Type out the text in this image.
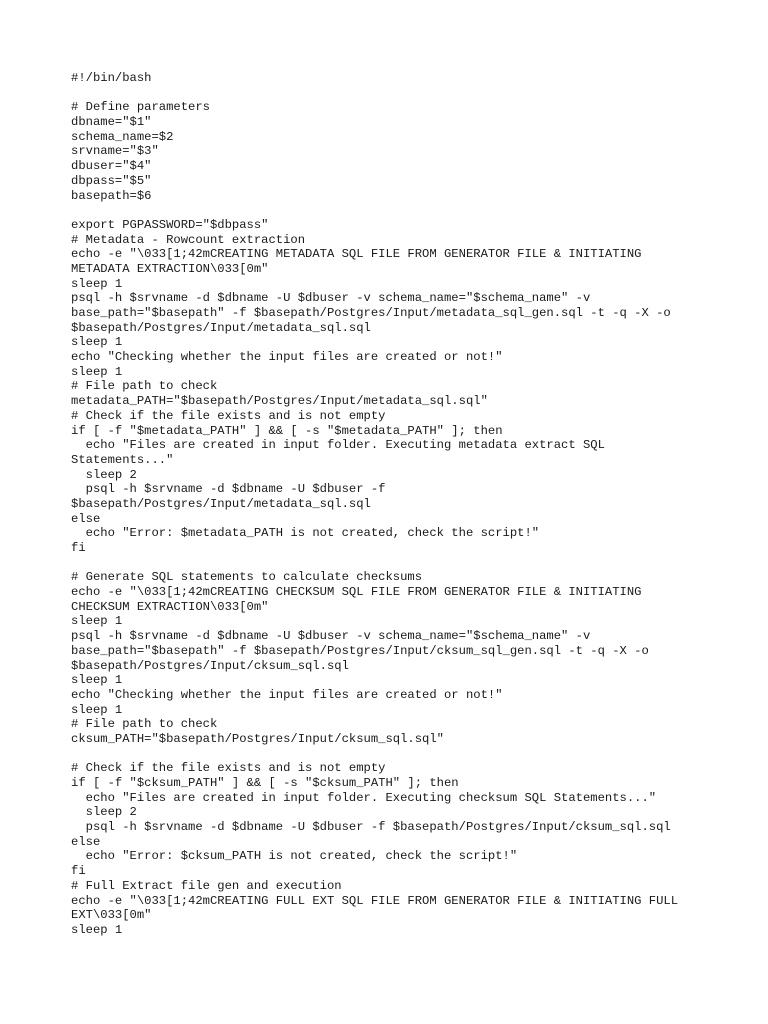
#!/bin/bash
# Define parameters
dbname="$1"
schema_name=$2
srvname="$3"
dbuser="$4"
dbpass="$5"
basepath=$6
export PGPASSWORD="$dbpass"
# Metadata - Rowcount extraction
echo -e "\033[1;42mCREATING METADATA SQL FILE FROM GENERATOR FILE & INITIATING
METADATA EXTRACTION\033[0m"
sleep 1
psql -h $srvname -d $dbname -U $dbuser -v schema_name="$schema_name" -v
base_path="$basepath" -f $basepath/Postgres/Input/metadata_sql_gen.sql -t -q -X -o
$basepath/Postgres/Input/metadata_sql.sql
sleep 1
echo "Checking whether the input files are created or not!"
sleep 1
# File path to check
metadata_PATH="$basepath/Postgres/Input/metadata_sql.sql"
# Check if the file exists and is not empty
if [ -f "$metadata_PATH" ] && [ -s "$metadata_PATH" ]; then
echo "Files are created in input folder. Executing metadata extract SQL
Statements..."
sleep 2
psql -h $srvname -d $dbname -U $dbuser -f
$basepath/Postgres/Input/metadata_sql.sql
else
echo "Error: $metadata_PATH is not created, check the script!"
fi
# Generate SQL statements to calculate checksums
echo -e "\033[1;42mCREATING CHECKSUM SQL FILE FROM GENERATOR FILE & INITIATING
CHECKSUM EXTRACTION\033[0m"
sleep 1
psql -h $srvname -d $dbname -U $dbuser -v schema_name="$schema_name" -v
base_path="$basepath" -f $basepath/Postgres/Input/cksum_sql_gen.sql -t -q -X -o
$basepath/Postgres/Input/cksum_sql.sql
sleep 1
echo "Checking whether the input files are created or not!"
sleep 1
# File path to check
cksum_PATH="$basepath/Postgres/Input/cksum_sql.sql"
# Check if the file exists and is not empty
if [ -f "$cksum_PATH" ] && [ -s "$cksum_PATH" ]; then
echo "Files are created in input folder. Executing checksum SQL Statements..."
sleep 2
psql -h $srvname -d $dbname -U $dbuser -f $basepath/Postgres/Input/cksum_sql.sql
else
echo "Error: $cksum_PATH is not created, check the script!"
fi
# Full Extract file gen and execution
echo -e "\033[1;42mCREATING FULL EXT SQL FILE FROM GENERATOR FILE & INITIATING FULL
EXT\033[0m"
sleep 1
